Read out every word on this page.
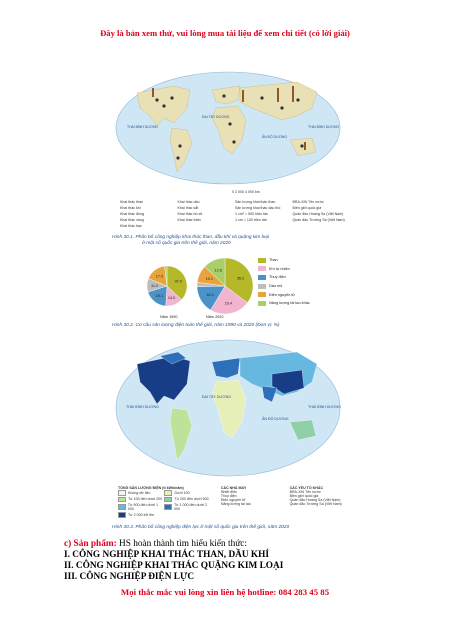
Đây là bản xem thử, vui lòng mua tài liệu để xem chi tiết (có lời giải)
ĐẠI TÂY DƯƠNG
THÁI BÌNH DƯƠNG
ẤN ĐỘ DƯƠNG
THÁI BÌNH DƯƠNG
0 2 000 4 000 km
Khai thác than	Khai thác dầu	Sản lượng khai thác than	BRA-XIN Tên nước
Khai thác khí	Khai thác sắt	Sản lượng khai thác dầu thô	Biên giới quốc gia
Khai thác đồng	Khai thác bô-xit	1 cm² = 500 triệu tấn	Quần đảo Hoàng Sa (Việt Nam)
Khai thác vàng	Khai thác thiếc	1 cm = 100 triệu tấn	Quần đảo Trường Sa (Việt Nam)
Khai thác bạc
Hình 30.1. Phân bố công nghiệp khai thác than, dầu khí và quặng kim loại
ở một số quốc gia trên thế giới, năm 2020
37.0
14.0
19.1
11.0
17.0
35.2
23.4
16.0
10.1
12.8
Năm 1990	Năm 2020
Than
Khí tự nhiên
Thuỷ điện
Dầu mỏ
Điện nguyên tử
Năng lượng tái tạo khác
Hình 30.2. Cơ cấu sản lượng điện toàn thế giới, năm 1990 và 2020 (Đơn vị: %)
ĐẠI TÂY DƯƠNG
THÁI BÌNH DƯƠNG
ẤN ĐỘ DƯƠNG
THÁI BÌNH DƯƠNG
TỔNG SẢN LƯỢNG ĐIỆN (tỉ kWh/năm)
Không dữ liệu	Dưới 100
Từ 100 đến dưới 200	Từ 200 đến dưới 500
Từ 500 đến dưới 1 000
Từ 1 000 đến dưới 2 000
Từ 2 000 trở lên
CÁC NHÀ MÁY
Nhiệt điện
Thuỷ điện
Điện nguyên tử
Năng lượng tái tạo
CÁC YẾU TỐ KHÁC
BRA-XIN Tên nước
Biên giới quốc gia
Quần đảo Hoàng Sa (Việt Nam)
Quần đảo Trường Sa (Việt Nam)
Hình 30.3. Phân bố công nghiệp điện lực ở một số quốc gia trên thế giới, năm 2020
c) Sản phẩm: HS hoàn thành tìm hiểu kiến thức:
I. CÔNG NGHIỆP KHAI THÁC THAN, DẦU KHÍ
II. CÔNG NGHIỆP KHAI THÁC QUẶNG KIM LOẠI
III. CÔNG NGHIỆP ĐIỆN LỰC
Mọi thắc mắc vui lòng xin liên hệ hotline: 084 283 45 85
